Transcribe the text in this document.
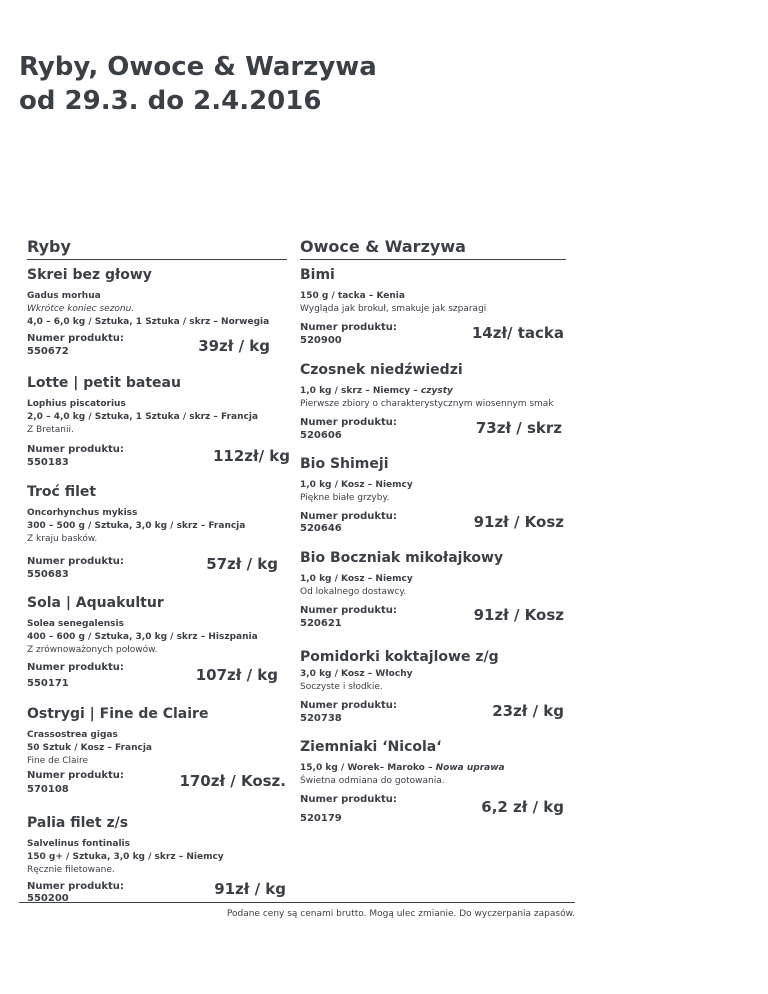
Ryby, Owoce & Warzywa
od 29.3. do 2.4.2016
Ryby	Owoce & Warzywa
Skrei bez głowy
Gadus morhua
Wkrótce koniec sezonu.
4,0 – 6,0 kg / Sztuka, 1 Sztuka / skrz – Norwegia
Numer produktu:
550672	39zł / kg
Lotte | petit bateau
Lophius piscatorius
2,0 – 4,0 kg / Sztuka, 1 Sztuka / skrz – Francja
Z Bretanii.
Numer produktu:
550183	112zł/ kg
Troć filet
Oncorhynchus mykiss
300 – 500 g / Sztuka, 3,0 kg / skrz – Francja
Z kraju basków.
Numer produktu:
550683
57zł / kg
Sola | Aquakultur
Solea senegalensis
400 – 600 g / Sztuka, 3,0 kg / skrz – Hiszpania
Z zrównoważonych połowów.
Numer produktu:
550171	107zł / kg
Ostrygi | Fine de Claire
Crassostrea gigas
50 Sztuk / Kosz – Francja
Fine de Claire
Numer produktu:
570108	170zł / Kosz.
Palia filet z/s
Salvelinus fontinalis
150 g+ / Sztuka, 3,0 kg / skrz – Niemcy
Ręcznie filetowane.
Numer produktu:
550200
91zł / kg
Bimi
150 g / tacka – Kenia
Wygląda jak brokuł, smakuje jak szparagi
Numer produktu:
520900	14zł/ tacka
Czosnek niedźwiedzi
1,0 kg / skrz – Niemcy – czysty
Pierwsze zbiory o charakterystycznym wiosennym smak
Numer produktu:
520606	73zł / skrz
Bio Shimeji
1,0 kg / Kosz – Niemcy
Piękne białe grzyby.
Numer produktu:
520646	91zł / Kosz
Bio Boczniak mikołajkowy
1,0 kg / Kosz – Niemcy
Od lokalnego dostawcy.
Numer produktu:
520621	91zł / Kosz
Pomidorki koktajlowe z/g
3,0 kg / Kosz – Włochy
Soczyste i słodkie.
Numer produktu:
520738	23zł / kg
Ziemniaki ‘Nicola‘
15,0 kg / Worek– Maroko – Nowa uprawa
Świetna odmiana do gotowania.
Numer produktu:
520179
6,2 zł / kg
Podane ceny są cenami brutto. Mogą ulec zmianie. Do wyczerpania zapasów.
